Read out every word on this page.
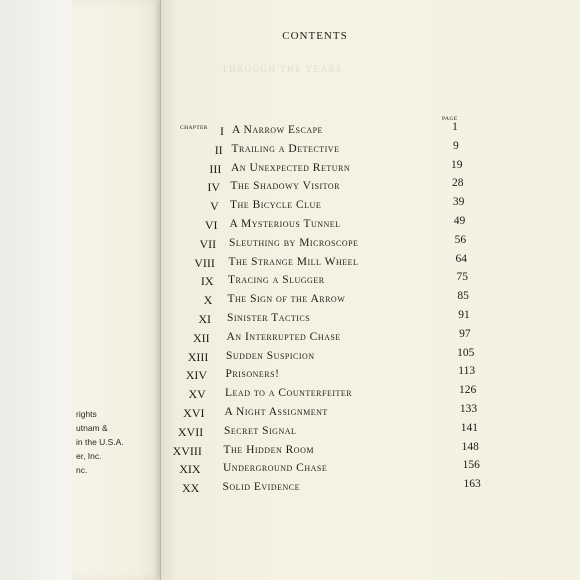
rights
utnam &
in the U.S.A.
er, Inc.
nc.
CONTENTS
THROUGH THE YEARS
CHAPTER
PAGE
I A Narrow Escape	1
II Trailing a Detective	9
III An Unexpected Return	19
IV The Shadowy Visitor	28
V The Bicycle Clue	39
VI A Mysterious Tunnel	49
VII Sleuthing by Microscope	56
VIII The Strange Mill Wheel	64
IX Tracing a Slugger	75
X The Sign of the Arrow	85
XI Sinister Tactics	91
XII An Interrupted Chase	97
XIII Sudden Suspicion	105
XIV Prisoners!	113
XV Lead to a Counterfeiter	126
XVI A Night Assignment	133
XVII Secret Signal	141
XVIII The Hidden Room	148
XIX Underground Chase	156
XX Solid Evidence	163
